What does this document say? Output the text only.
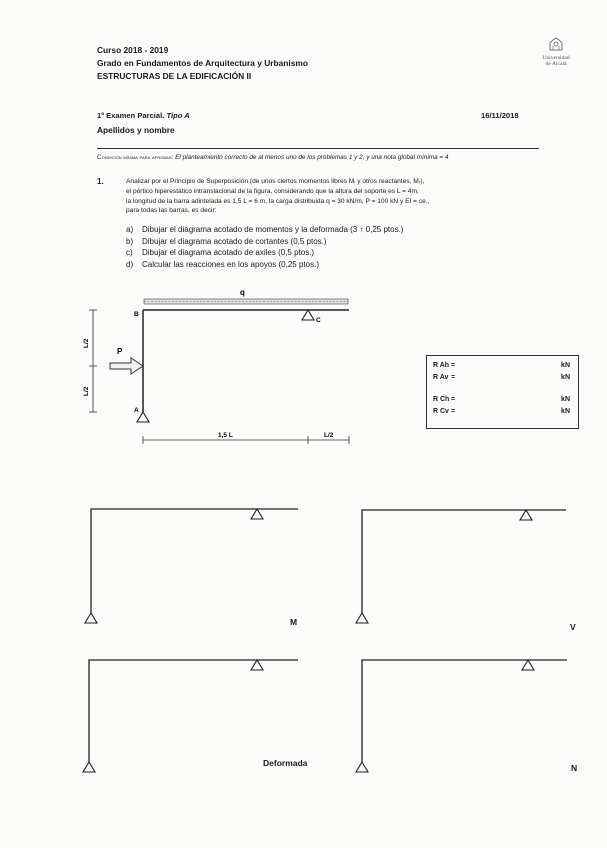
Curso 2018 - 2019
Grado en Fundamentos de Arquitectura y Urbanismo
ESTRUCTURAS DE LA EDIFICACIÓN II
Universidad
de Alcalá
1º Examen Parcial. Tipo A	16/11/2018
Apellidos y nombre
Condición mínima para aprobar: El planteamiento correcto de al menos uno de los problemas 1 y 2; y una nota global mínima = 4
1.	Analizar por el Principio de Superposición (de unos ciertos momentos libres Mᵢ y otros reactantes, Mᵣ),
el pórtico hiperestático intranslacional de la figura, considerando que la altura del soporte es L = 4m,
la longitud de la barra adintelada es 1,5 L = 6 m, la carga distribuida q = 30 kN/m, P = 100 kN y EI = ce.,
para todas las barras, es decir:
a) Dibujar el diagrama acotado de momentos y la deformada (3 ↑ 0,25 ptos.)
b) Dibujar el diagrama acotado de cortantes (0,5 ptos.)
c) Dibujar el diagrama acotado de axiles (0,5 ptos.)
d) Calcular las reacciones en los apoyos (0,25 ptos.)
q
B
C
A
P
L/2
L/2
1,5 L	L/2
R Ah =	kN
R Av =	kN
R Ch =	kN
R Cv =	kN
M	V
Deformada	N
